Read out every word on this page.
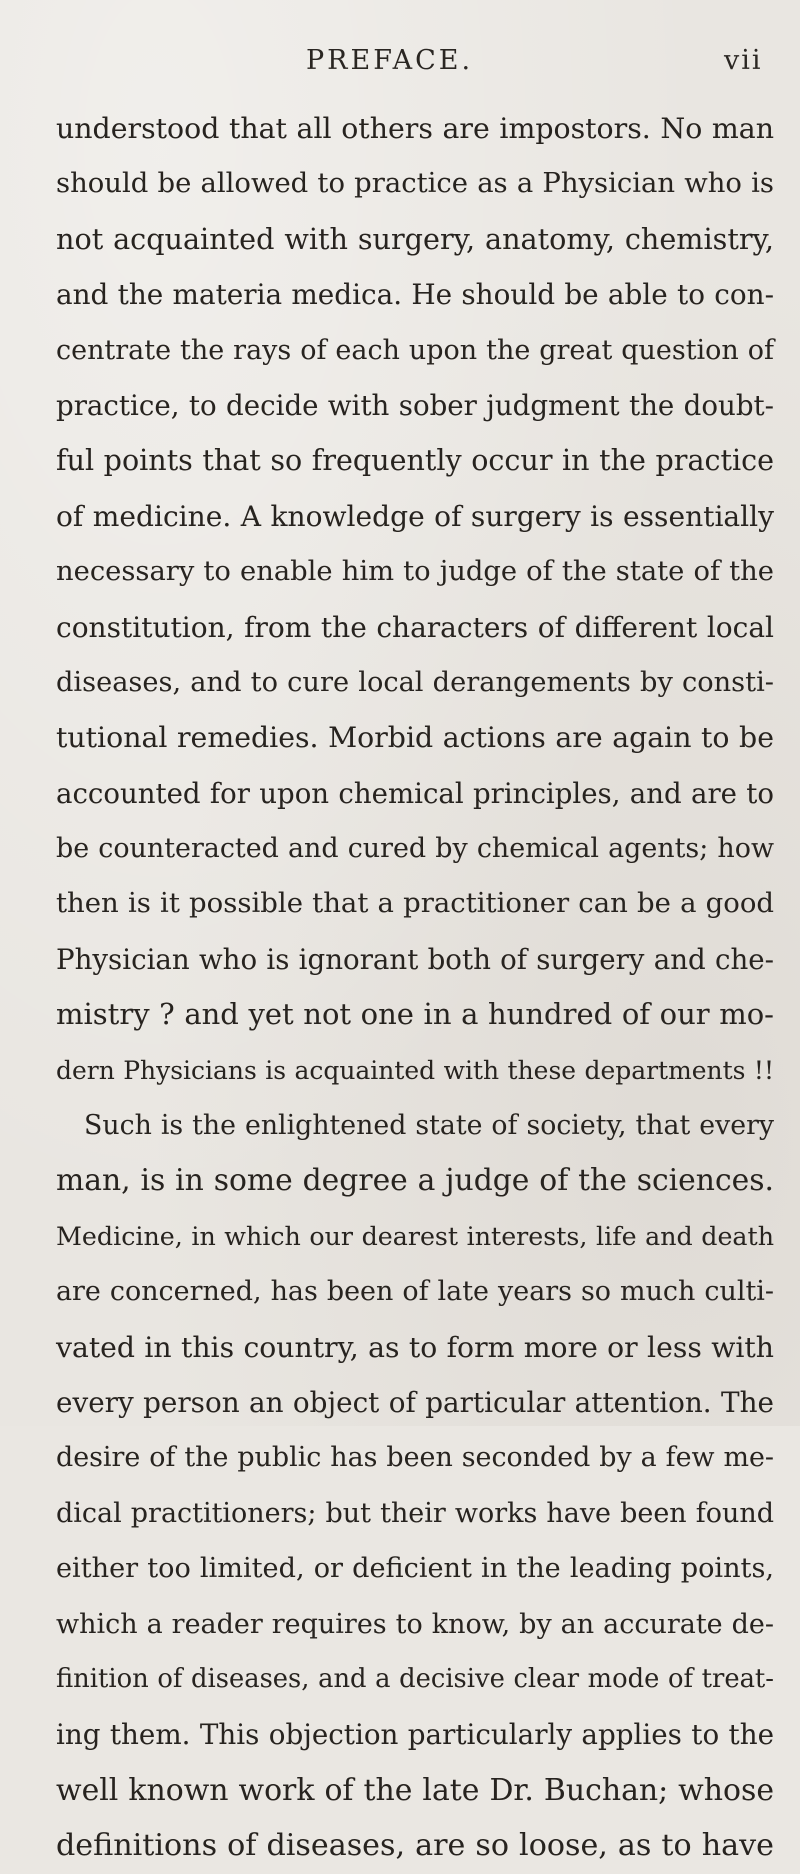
PREFACE.	vii
understood that all others are impostors. No man
should be allowed to practice as a Physician who is
not acquainted with surgery, anatomy, chemistry,
and the materia medica. He should be able to con-
centrate the rays of each upon the great question of
practice, to decide with sober judgment the doubt-
ful points that so frequently occur in the practice
of medicine. A knowledge of surgery is essentially
necessary to enable him to judge of the state of the
constitution, from the characters of different local
diseases, and to cure local derangements by consti-
tutional remedies. Morbid actions are again to be
accounted for upon chemical principles, and are to
be counteracted and cured by chemical agents; how
then is it possible that a practitioner can be a good
Physician who is ignorant both of surgery and che-
mistry ? and yet not one in a hundred of our mo-
dern Physicians is acquainted with these departments !!
Such is the enlightened state of society, that every
man, is in some degree a judge of the sciences.
Medicine, in which our dearest interests, life and death
are concerned, has been of late years so much culti-
vated in this country, as to form more or less with
every person an object of particular attention. The
desire of the public has been seconded by a few me-
dical practitioners; but their works have been found
either too limited, or deficient in the leading points,
which a reader requires to know, by an accurate de-
finition of diseases, and a decisive clear mode of treat-
ing them. This objection particularly applies to the
well known work of the late Dr. Buchan; whose
definitions of diseases, are so loose, as to have
